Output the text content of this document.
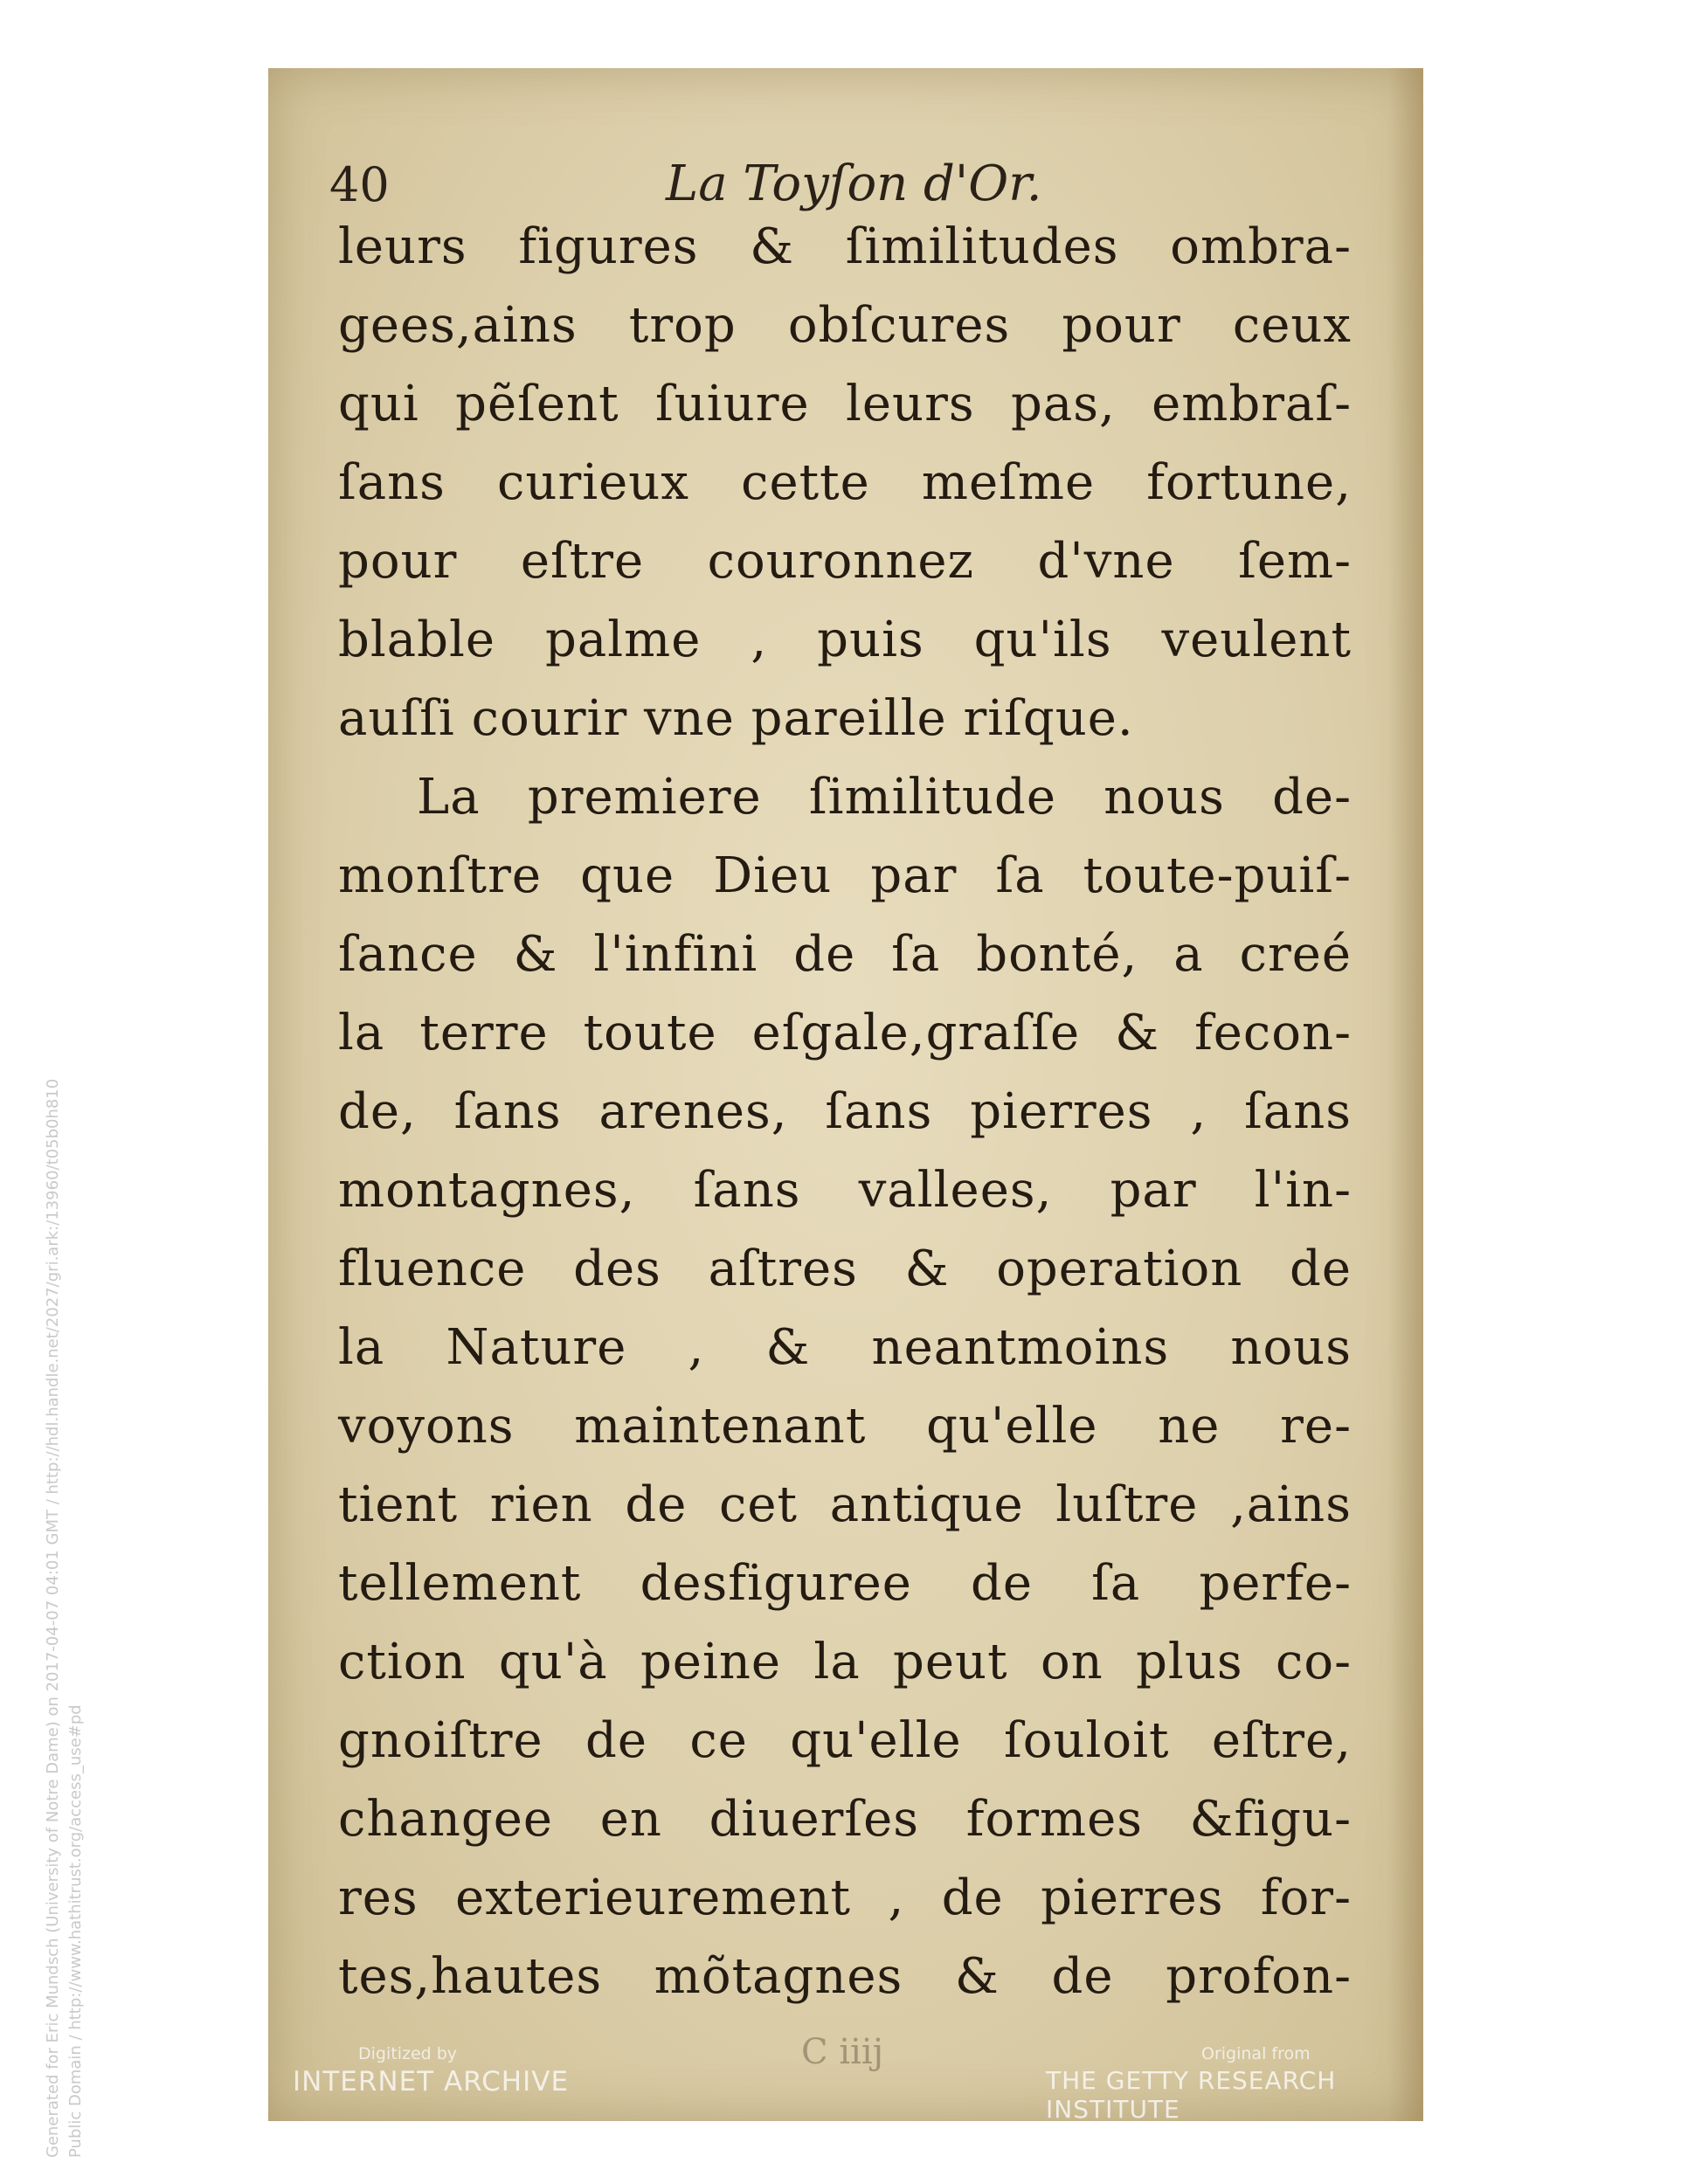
40	La Toyſon d'Or.
leurs figures & ſimilitudes ombra-
gees,ains trop obſcures pour ceux
qui pẽſent ſuiure leurs pas, embraſ-
ſans curieux cette meſme fortune,
pour eſtre couronnez d'vne ſem-
blable palme , puis qu'ils veulent
auſſi courir vne pareille riſque.
La premiere ſimilitude nous de-
monſtre que Dieu par ſa toute-puiſ-
ſance & l'infini de ſa bonté, a creé
la terre toute eſgale,graſſe & fecon-
de, ſans arenes, ſans pierres , ſans
montagnes, ſans vallees, par l'in-
fluence des aſtres & operation de
la Nature , & neantmoins nous
voyons maintenant qu'elle ne re-
tient rien de cet antique luſtre ,ains
tellement desfiguree de ſa perfe-
ction qu'à peine la peut on plus co-
gnoiſtre de ce qu'elle ſouloit eſtre,
changee en diuerſes formes &figu-
res exterieurement , de pierres for-
tes,hautes mõtagnes & de profon-
C iiij
Digitized by
INTERNET ARCHIVE
Original from
THE GETTY RESEARCH INSTITUTE
Generated for Eric Mundsch (University of Notre Dame) on 2017-04-07 04:01 GMT / http://hdl.handle.net/2027/gri.ark:/13960/t05b0h810 Public Domain / http://www.hathitrust.org/access_use#pd
